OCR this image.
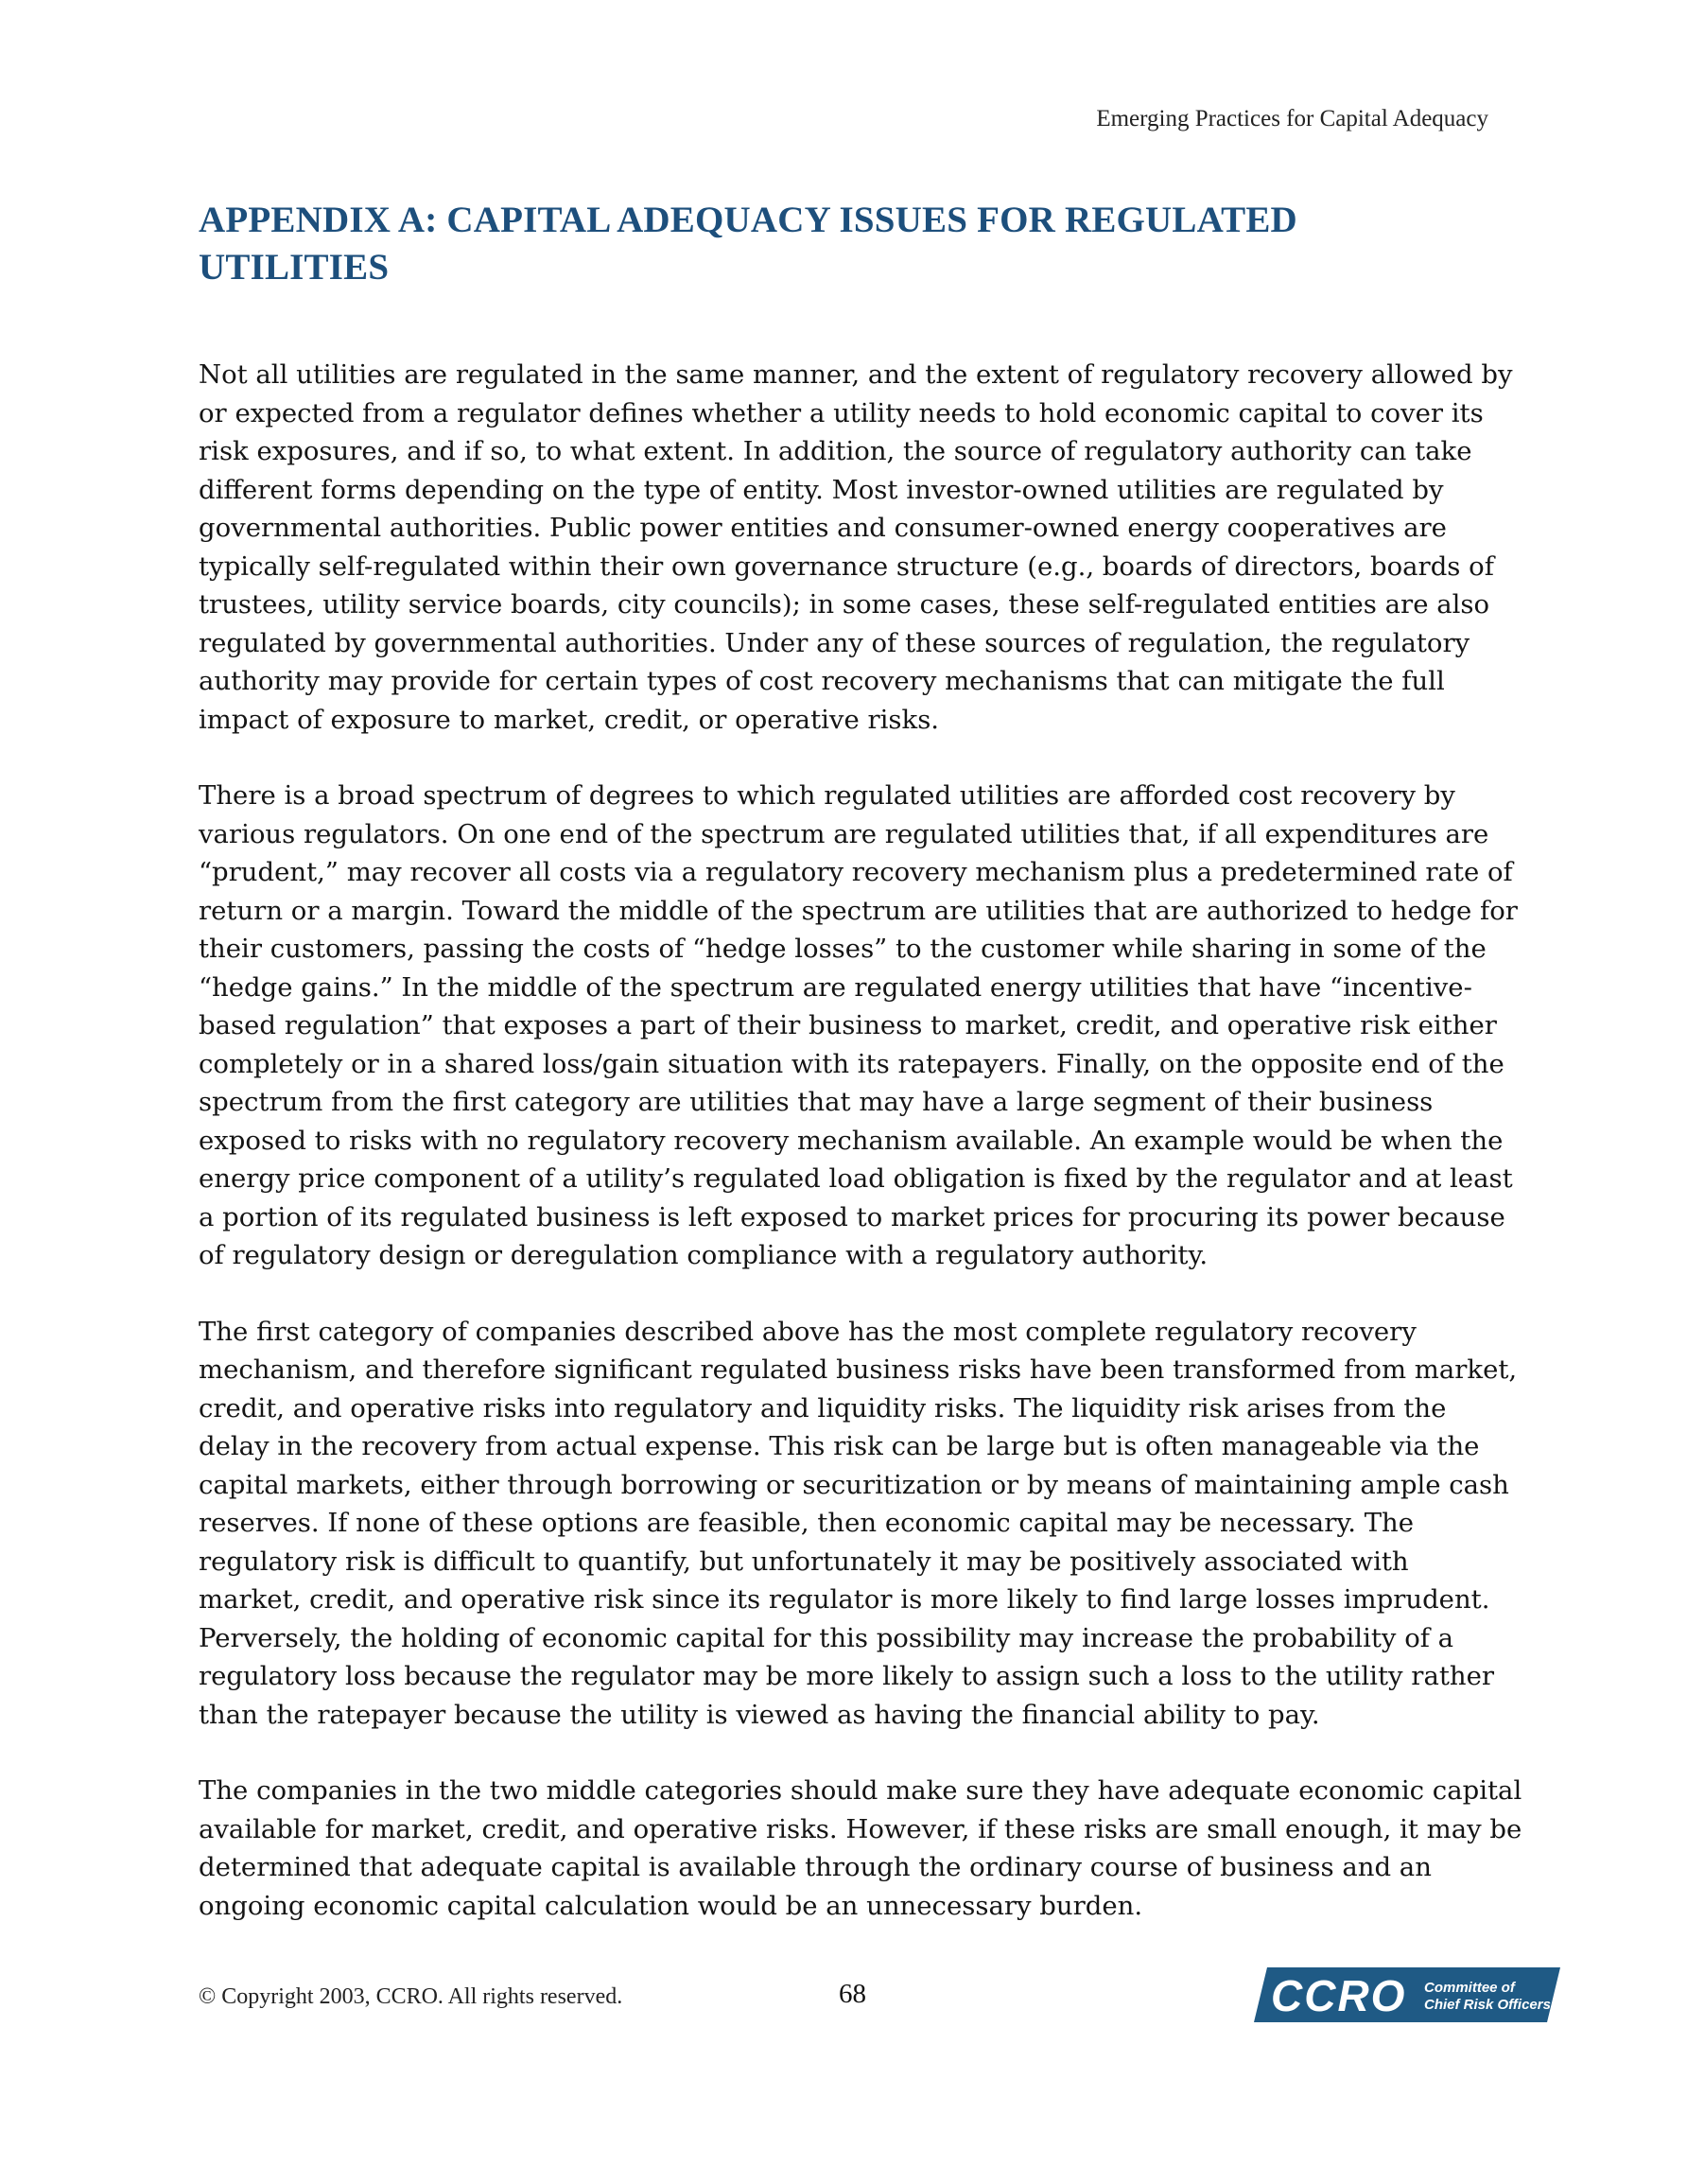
Emerging Practices for Capital Adequacy
APPENDIX A: CAPITAL ADEQUACY ISSUES FOR REGULATED
UTILITIES

Not all utilities are regulated in the same manner, and the extent of regulatory recovery allowed by
or expected from a regulator defines whether a utility needs to hold economic capital to cover its
risk exposures, and if so, to what extent. In addition, the source of regulatory authority can take
different forms depending on the type of entity. Most investor-owned utilities are regulated by
governmental authorities. Public power entities and consumer-owned energy cooperatives are
typically self-regulated within their own governance structure (e.g., boards of directors, boards of
trustees, utility service boards, city councils); in some cases, these self-regulated entities are also
regulated by governmental authorities. Under any of these sources of regulation, the regulatory
authority may provide for certain types of cost recovery mechanisms that can mitigate the full
impact of exposure to market, credit, or operative risks.

There is a broad spectrum of degrees to which regulated utilities are afforded cost recovery by
various regulators. On one end of the spectrum are regulated utilities that, if all expenditures are
“prudent,” may recover all costs via a regulatory recovery mechanism plus a predetermined rate of
return or a margin. Toward the middle of the spectrum are utilities that are authorized to hedge for
their customers, passing the costs of “hedge losses” to the customer while sharing in some of the
“hedge gains.” In the middle of the spectrum are regulated energy utilities that have “incentive-
based regulation” that exposes a part of their business to market, credit, and operative risk either
completely or in a shared loss/gain situation with its ratepayers. Finally, on the opposite end of the
spectrum from the first category are utilities that may have a large segment of their business
exposed to risks with no regulatory recovery mechanism available. An example would be when the
energy price component of a utility’s regulated load obligation is fixed by the regulator and at least
a portion of its regulated business is left exposed to market prices for procuring its power because
of regulatory design or deregulation compliance with a regulatory authority.

The first category of companies described above has the most complete regulatory recovery
mechanism, and therefore significant regulated business risks have been transformed from market,
credit, and operative risks into regulatory and liquidity risks. The liquidity risk arises from the
delay in the recovery from actual expense. This risk can be large but is often manageable via the
capital markets, either through borrowing or securitization or by means of maintaining ample cash
reserves. If none of these options are feasible, then economic capital may be necessary. The
regulatory risk is difficult to quantify, but unfortunately it may be positively associated with
market, credit, and operative risk since its regulator is more likely to find large losses imprudent.
Perversely, the holding of economic capital for this possibility may increase the probability of a
regulatory loss because the regulator may be more likely to assign such a loss to the utility rather
than the ratepayer because the utility is viewed as having the financial ability to pay.

The companies in the two middle categories should make sure they have adequate economic capital
available for market, credit, and operative risks. However, if these risks are small enough, it may be
determined that adequate capital is available through the ordinary course of business and an
ongoing economic capital calculation would be an unnecessary burden.

© Copyright 2003, CCRO. All rights reserved.	68	CCRO Committee of
Chief Risk Officers
